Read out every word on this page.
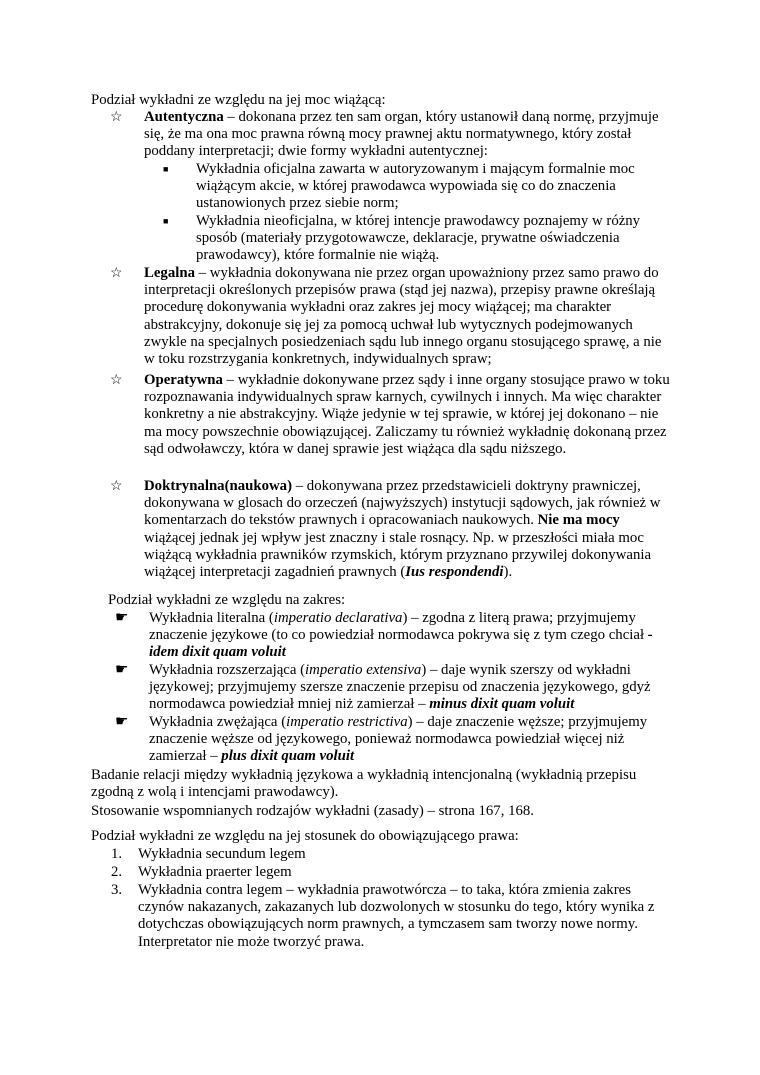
Podział wykładni ze względu na jej moc wiążącą:

☆ Autentyczna – dokonana przez ten sam organ, który ustanowił daną normę, przyjmuje się, że ma ona moc prawna równą mocy prawnej aktu normatywnego, który został poddany interpretacji; dwie formy wykładni autentycznej:
■ Wykładnia oficjalna zawarta w autoryzowanym i mającym formalnie moc wiążącym akcie, w której prawodawca wypowiada się co do znaczenia ustanowionych przez siebie norm;
■ Wykładnia nieoficjalna, w której intencje prawodawcy poznajemy w różny sposób (materiały przygotowawcze, deklaracje, prywatne oświadczenia prawodawcy), które formalnie nie wiążą.
☆ Legalna – wykładnia dokonywana nie przez organ upoważniony przez samo prawo do interpretacji określonych przepisów prawa (stąd jej nazwa), przepisy prawne określają procedurę dokonywania wykładni oraz zakres jej mocy wiążącej; ma charakter abstrakcyjny, dokonuje się jej za pomocą uchwał lub wytycznych podejmowanych zwykle na specjalnych posiedzeniach sądu lub innego organu stosującego sprawę, a nie w toku rozstrzygania konkretnych, indywidualnych spraw;
☆ Operatywna – wykładnie dokonywane przez sądy i inne organy stosujące prawo w toku rozpoznawania indywidualnych spraw karnych, cywilnych i innych. Ma więc charakter konkretny a nie abstrakcyjny. Wiąże jedynie w tej sprawie, w której jej dokonano – nie ma mocy powszechnie obowiązującej. Zaliczamy tu również wykładnię dokonaną przez sąd odwoławczy, która w danej sprawie jest wiążąca dla sądu niższego.
☆ Doktrynalna(naukowa) – dokonywana przez przedstawicieli doktryny prawniczej, dokonywana w glosach do orzeczeń (najwyższych) instytucji sądowych, jak również w komentarzach do tekstów prawnych i opracowaniach naukowych. Nie ma mocy wiążącej jednak jej wpływ jest znaczny i stale rosnący. Np. w przeszłości miała moc wiążącą wykładnia prawników rzymskich, którym przyznano przywilej dokonywania wiążącej interpretacji zagadnień prawnych (Ius respondendi).

Podział wykładni ze względu na zakres:

☛ Wykładnia literalna (imperatio declarativa) – zgodna z literą prawa; przyjmujemy znaczenie językowe (to co powiedział normodawca pokrywa się z tym czego chciał - idem dixit quam voluit
☛ Wykładnia rozszerzająca (imperatio extensiva) – daje wynik szerszy od wykładni językowej; przyjmujemy szersze znaczenie przepisu od znaczenia językowego, gdyż normodawca powiedział mniej niż zamierzał – minus dixit quam voluit
☛ Wykładnia zwężająca (imperatio restrictiva) – daje znaczenie węższe; przyjmujemy znaczenie węższe od językowego, ponieważ normodawca powiedział więcej niż zamierzał – plus dixit quam voluit

Badanie relacji między wykładnią językowa a wykładnią intencjonalną (wykładnią przepisu zgodną z wolą i intencjami prawodawcy).

Stosowanie wspomnianych rodzajów wykładni (zasady) – strona 167, 168.

Podział wykładni ze względu na jej stosunek do obowiązującego prawa:

1. Wykładnia secundum legem
2. Wykładnia praerter legem
3. Wykładnia contra legem – wykładnia prawotwórcza – to taka, która zmienia zakres czynów nakazanych, zakazanych lub dozwolonych w stosunku do tego, który wynika z dotychczas obowiązujących norm prawnych, a tymczasem sam tworzy nowe normy. Interpretator nie może tworzyć prawa.
